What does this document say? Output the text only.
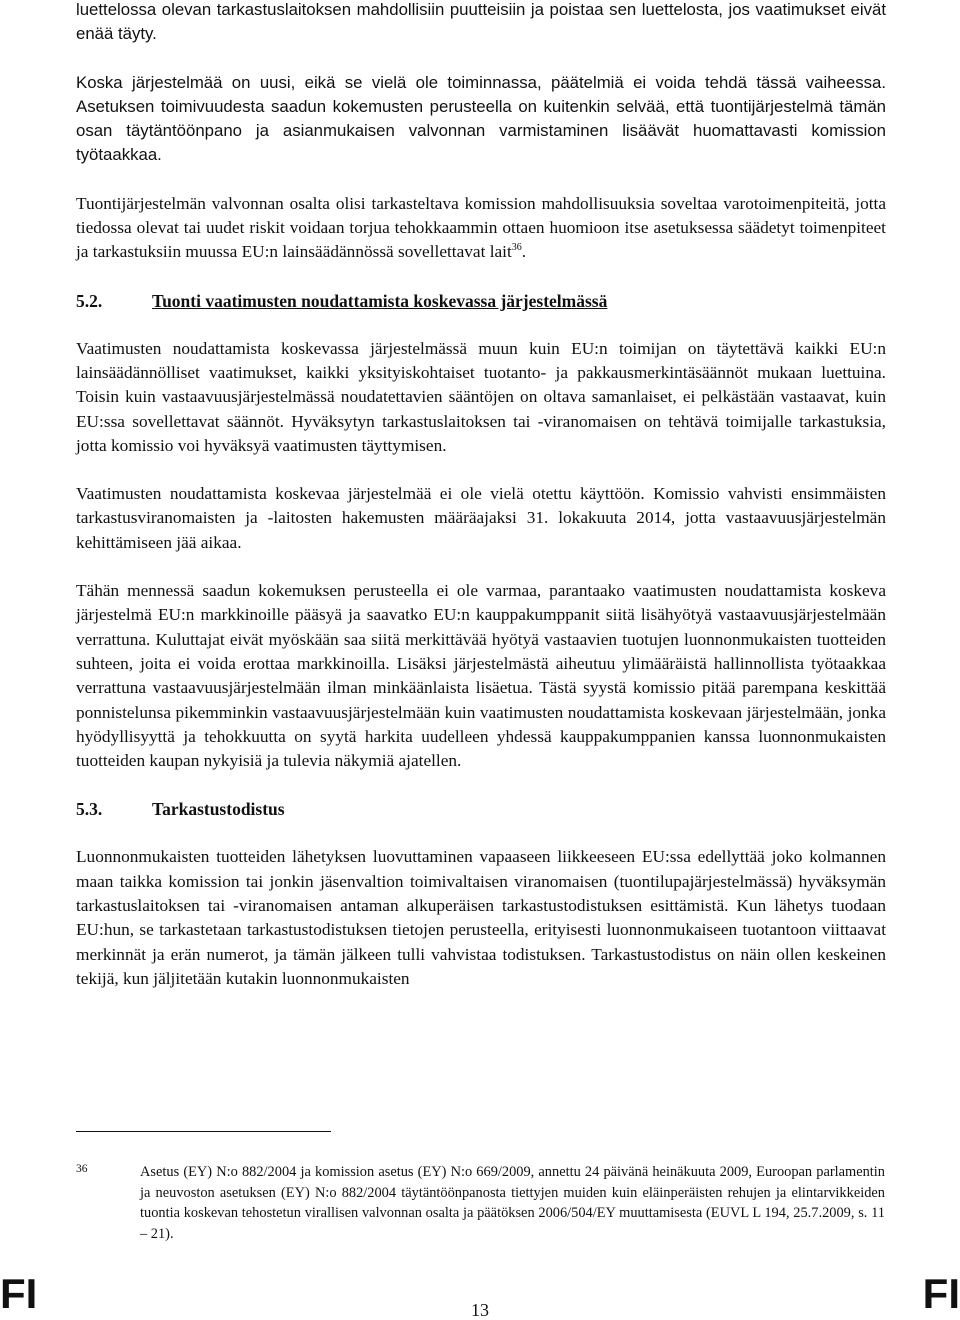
luettelossa olevan tarkastuslaitoksen mahdollisiin puutteisiin ja poistaa sen luettelosta, jos vaatimukset eivät enää täyty.

Koska järjestelmää on uusi, eikä se vielä ole toiminnassa, päätelmiä ei voida tehdä tässä vaiheessa. Asetuksen toimivuudesta saadun kokemusten perusteella on kuitenkin selvää, että tuontijärjestelmä tämän osan täytäntöönpano ja asianmukaisen valvonnan varmistaminen lisäävät huomattavasti komission työtaakkaa.

Tuontijärjestelmän valvonnan osalta olisi tarkasteltava komission mahdollisuuksia soveltaa varotoimenpiteitä, jotta tiedossa olevat tai uudet riskit voidaan torjua tehokkaammin ottaen huomioon itse asetuksessa säädetyt toimenpiteet ja tarkastuksiin muussa EU:n lainsäädännössä sovellettavat lait$^{36}$.

5.2.	Tuonti vaatimusten noudattamista koskevassa järjestelmässä

Vaatimusten noudattamista koskevassa järjestelmässä muun kuin EU:n toimijan on täytettävä kaikki EU:n lainsäädännölliset vaatimukset, kaikki yksityiskohtaiset tuotanto- ja pakkausmerkintäsäännöt mukaan luettuina. Toisin kuin vastaavuusjärjestelmässä noudatettavien sääntöjen on oltava samanlaiset, ei pelkästään vastaavat, kuin EU:ssa sovellettavat säännöt. Hyväksytyn tarkastuslaitoksen tai -viranomaisen on tehtävä toimijalle tarkastuksia, jotta komissio voi hyväksyä vaatimusten täyttymisen.

Vaatimusten noudattamista koskevaa järjestelmää ei ole vielä otettu käyttöön. Komissio vahvisti ensimmäisten tarkastusviranomaisten ja -laitosten hakemusten määräajaksi 31. lokakuuta 2014, jotta vastaavuusjärjestelmän kehittämiseen jää aikaa.

Tähän mennessä saadun kokemuksen perusteella ei ole varmaa, parantaako vaatimusten noudattamista koskeva järjestelmä EU:n markkinoille pääsyä ja saavatko EU:n kauppakumppanit siitä lisähyötyä vastaavuusjärjestelmään verrattuna. Kuluttajat eivät myöskään saa siitä merkittävää hyötyä vastaavien tuotujen luonnonmukaisten tuotteiden suhteen, joita ei voida erottaa markkinoilla. Lisäksi järjestelmästä aiheutuu ylimääräistä hallinnollista työtaakkaa verrattuna vastaavuusjärjestelmään ilman minkäänlaista lisäetua. Tästä syystä komissio pitää parempana keskittää ponnistelunsa pikemminkin vastaavuusjärjestelmään kuin vaatimusten noudattamista koskevaan järjestelmään, jonka hyödyllisyyttä ja tehokkuutta on syytä harkita uudelleen yhdessä kauppakumppanien kanssa luonnonmukaisten tuotteiden kaupan nykyisiä ja tulevia näkymiä ajatellen.

5.3.	Tarkastustodistus

Luonnonmukaisten tuotteiden lähetyksen luovuttaminen vapaaseen liikkeeseen EU:ssa edellyttää joko kolmannen maan taikka komission tai jonkin jäsenvaltion toimivaltaisen viranomaisen (tuontilupajärjestelmässä) hyväksymän tarkastuslaitoksen tai -viranomaisen antaman alkuperäisen tarkastustodistuksen esittämistä. Kun lähetys tuodaan EU:hun, se tarkastetaan tarkastustodistuksen tietojen perusteella, erityisesti luonnonmukaiseen tuotantoon viittaavat merkinnät ja erän numerot, ja tämän jälkeen tulli vahvistaa todistuksen. Tarkastustodistus on näin ollen keskeinen tekijä, kun jäljitetään kutakin luonnonmukaisten

36	Asetus (EY) N:o 882/2004 ja komission asetus (EY) N:o 669/2009, annettu 24 päivänä heinäkuuta 2009, Euroopan parlamentin ja neuvoston asetuksen (EY) N:o 882/2004 täytäntöönpanosta tiettyjen muiden kuin eläinperäisten rehujen ja elintarvikkeiden tuontia koskevan tehostetun virallisen valvonnan osalta ja päätöksen 2006/504/EY muuttamisesta (EUVL L 194, 25.7.2009, s. 11 – 21).
FI	13	FI
